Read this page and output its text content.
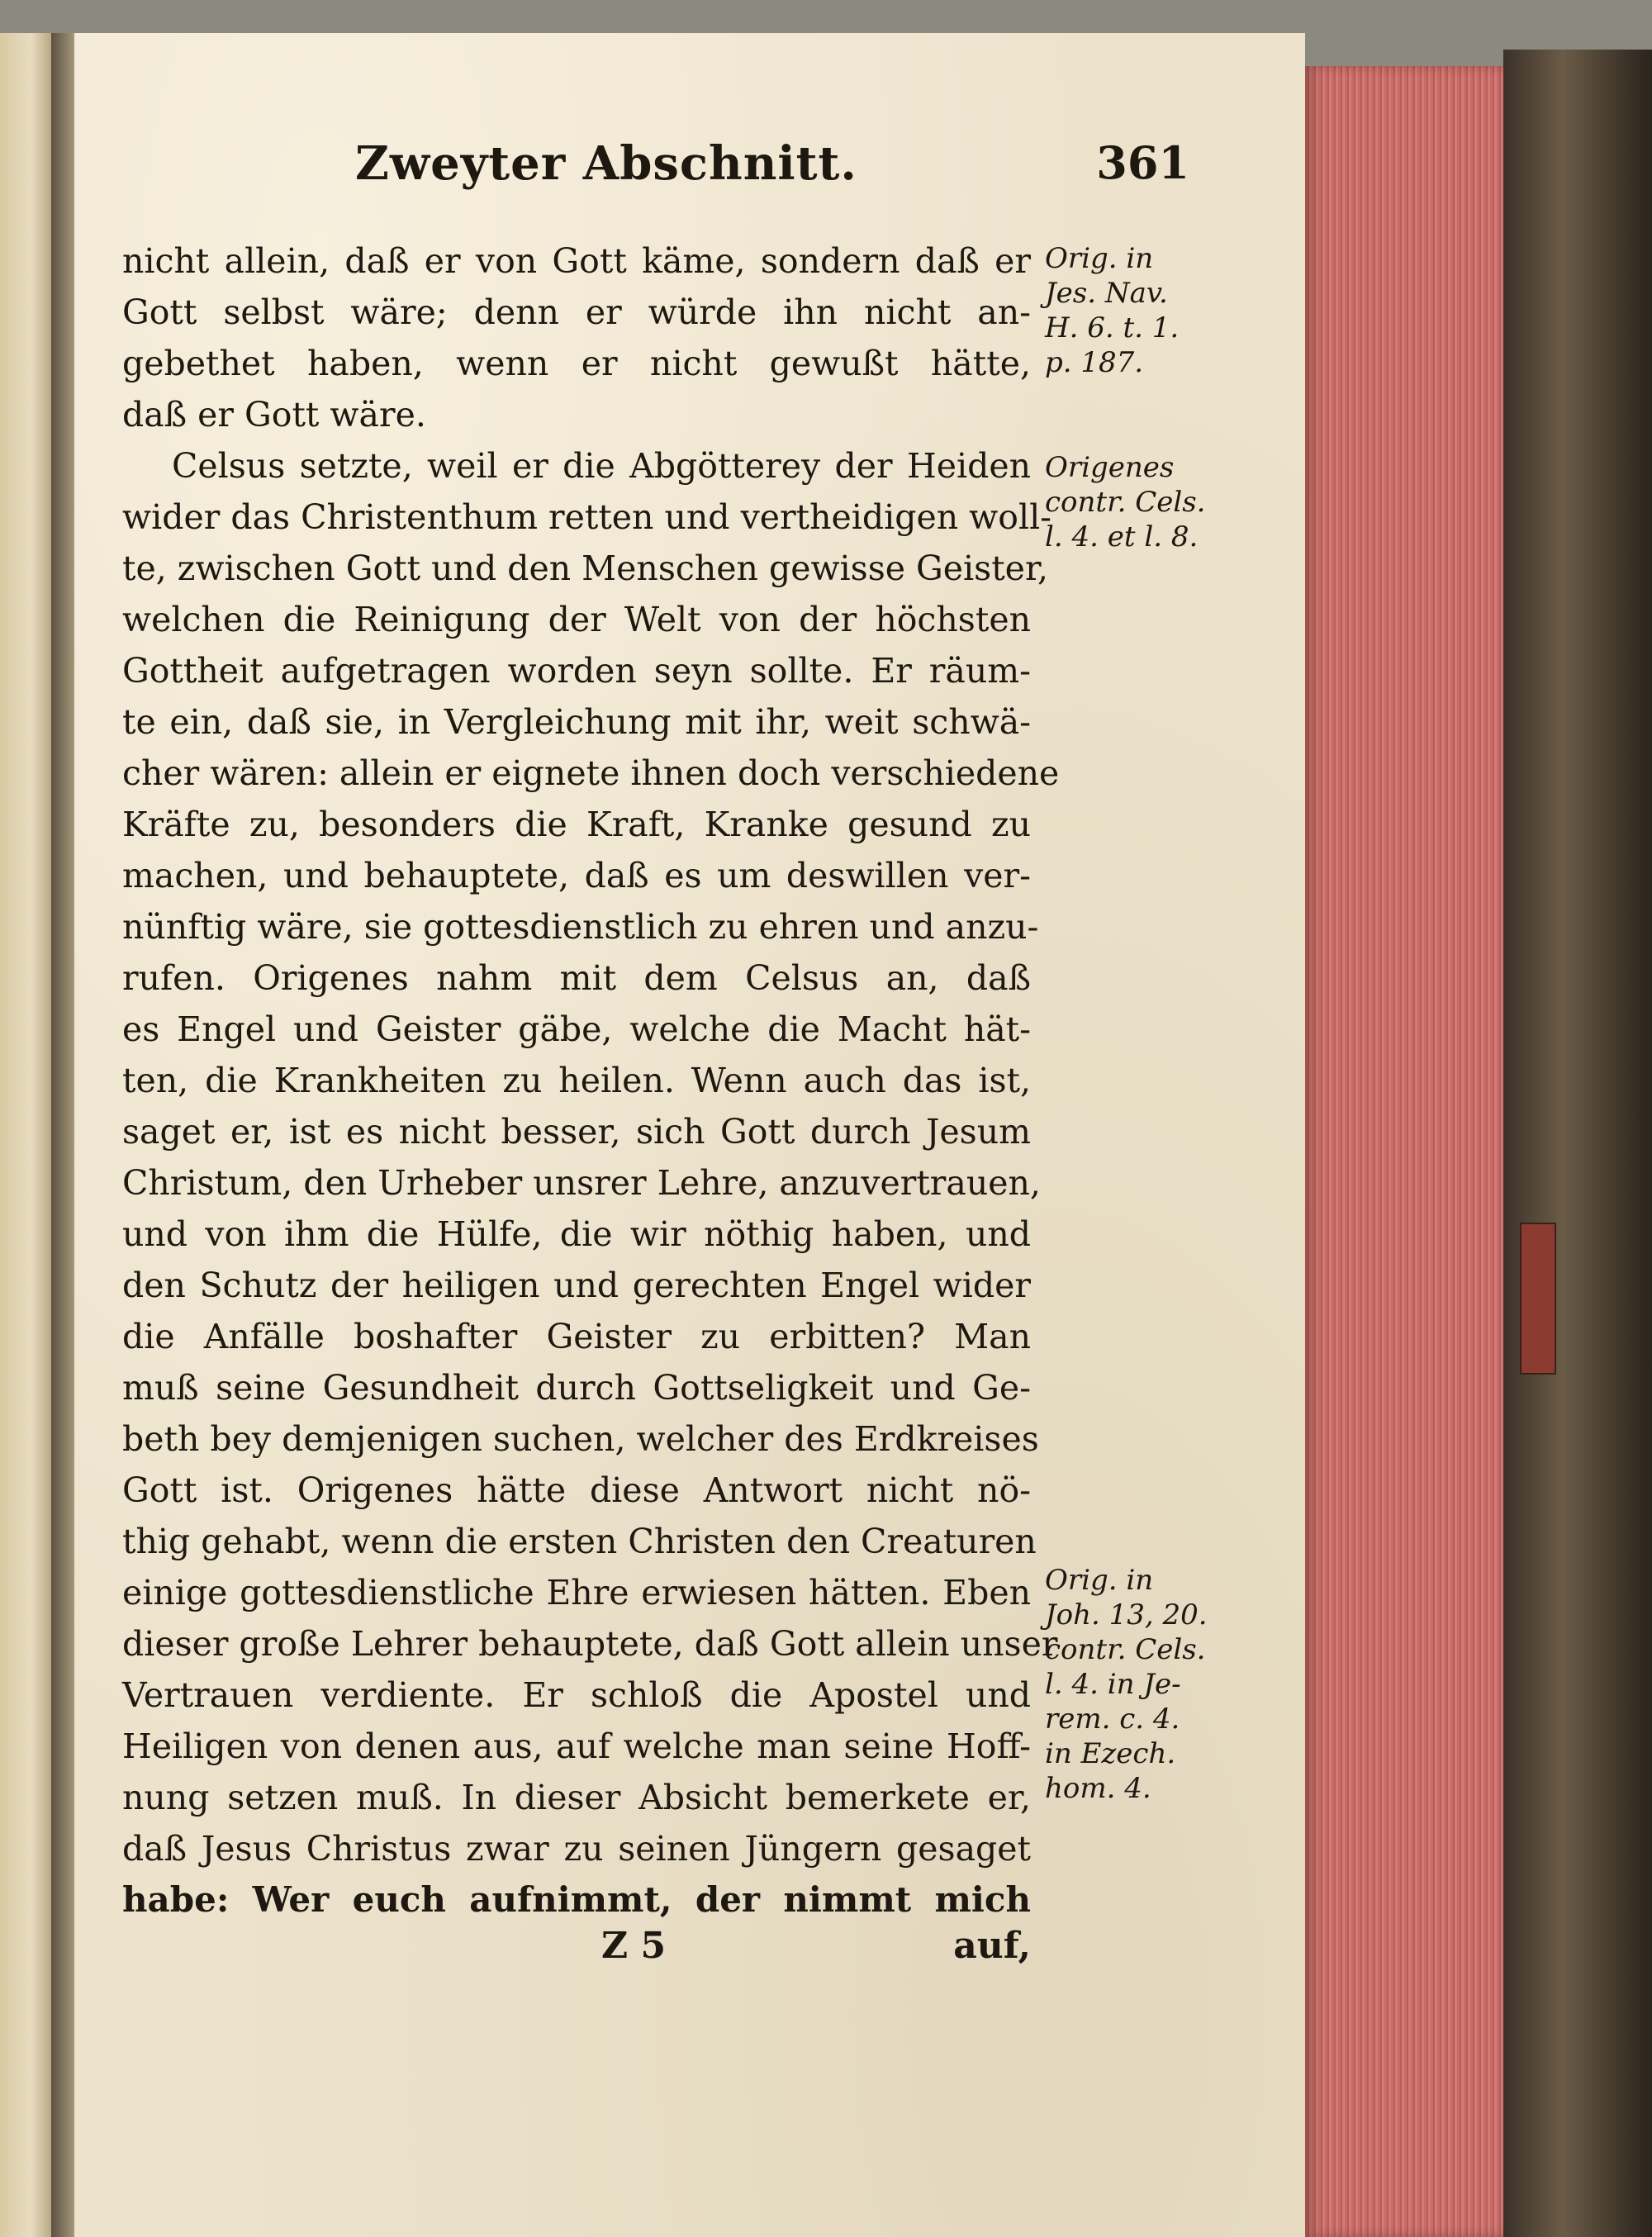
Zweyter Abschnitt.	361
nicht allein, daß er von Gott käme, sondern daß er
Gott selbst wäre; denn er würde ihn nicht an-
gebethet haben, wenn er nicht gewußt hätte,
daß er Gott wäre.
Celsus setzte, weil er die Abgötterey der Heiden
wider das Christenthum retten und vertheidigen woll-
te, zwischen Gott und den Menschen gewisse Geister,
welchen die Reinigung der Welt von der höchsten
Gottheit aufgetragen worden seyn sollte. Er räum-
te ein, daß sie, in Vergleichung mit ihr, weit schwä-
cher wären: allein er eignete ihnen doch verschiedene
Kräfte zu, besonders die Kraft, Kranke gesund zu
machen, und behauptete, daß es um deswillen ver-
nünftig wäre, sie gottesdienstlich zu ehren und anzu-
rufen. Origenes nahm mit dem Celsus an, daß
es Engel und Geister gäbe, welche die Macht hät-
ten, die Krankheiten zu heilen. Wenn auch das ist,
saget er, ist es nicht besser, sich Gott durch Jesum
Christum, den Urheber unsrer Lehre, anzuvertrauen,
und von ihm die Hülfe, die wir nöthig haben, und
den Schutz der heiligen und gerechten Engel wider
die Anfälle boshafter Geister zu erbitten? Man
muß seine Gesundheit durch Gottseligkeit und Ge-
beth bey demjenigen suchen, welcher des Erdkreises
Gott ist. Origenes hätte diese Antwort nicht nö-
thig gehabt, wenn die ersten Christen den Creaturen
einige gottesdienstliche Ehre erwiesen hätten. Eben
dieser große Lehrer behauptete, daß Gott allein unser
Vertrauen verdiente. Er schloß die Apostel und
Heiligen von denen aus, auf welche man seine Hoff-
nung setzen muß. In dieser Absicht bemerkete er,
daß Jesus Christus zwar zu seinen Jüngern gesaget
habe: Wer euch aufnimmt, der nimmt mich
Orig. in
Jes. Nav.
H. 6. t. 1.
p. 187.
Origenes
contr. Cels.
l. 4. et l. 8.
Orig. in
Joh. 13, 20.
contr. Cels.
l. 4. in Je-
rem. c. 4.
in Ezech.
hom. 4.
Z 5	auf,
